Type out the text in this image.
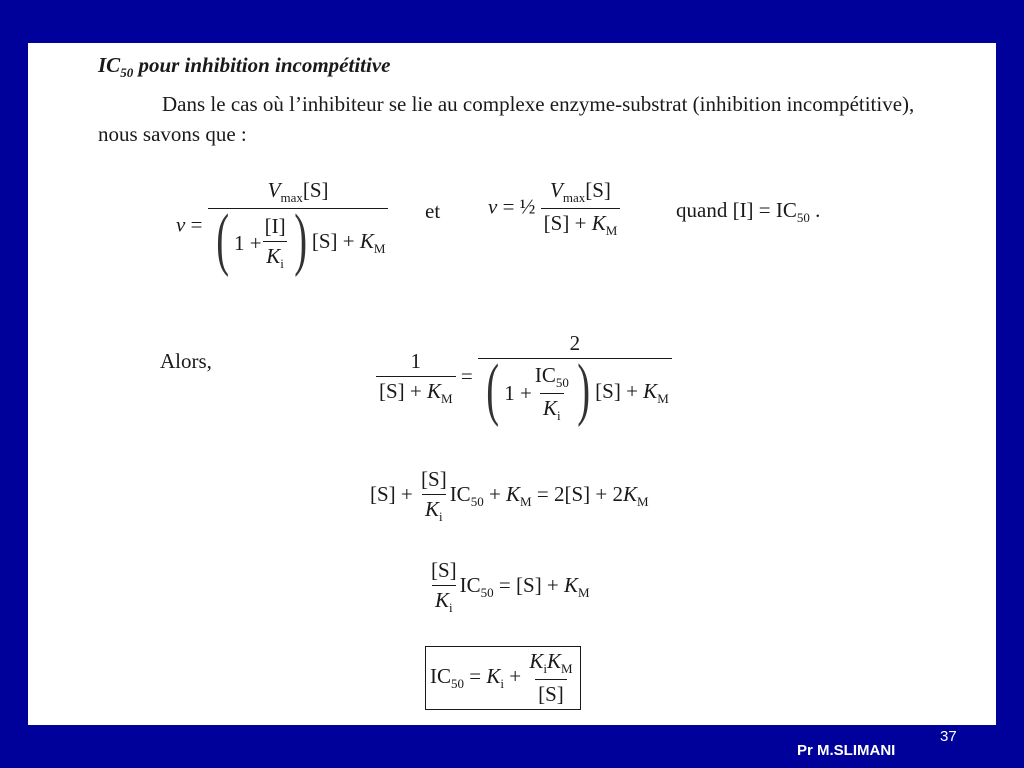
$IC_{50}$ pour inhibition incompétitive
Dans le cas où l’inhibiteur se lie au complexe enzyme-substrat (inhibition incompétitive), nous savons que :
$v = \frac{V_{max}[S]}{( 1 + \frac{[I]}{K_i} ) [S] + K_M}$ et v = ½ $\frac{V_{max}[S]}{[S] + K_M}$	quand $[I] = IC_{50}$ .
Alors,	$\frac{1}{[S] + K_M} = \frac{2}{( 1 + \frac{IC_{50}}{K_i} ) [S] + K_M}$
$[S] + \frac{[S]}{K_i} IC_{50} + K_M = 2[S] + 2K_M$
$\frac{[S]}{K_i} IC_{50} = [S] + K_M$
$IC_{50} = K_i + \frac{K_iK_M}{[S]}$
37
Pr M.SLIMANI
